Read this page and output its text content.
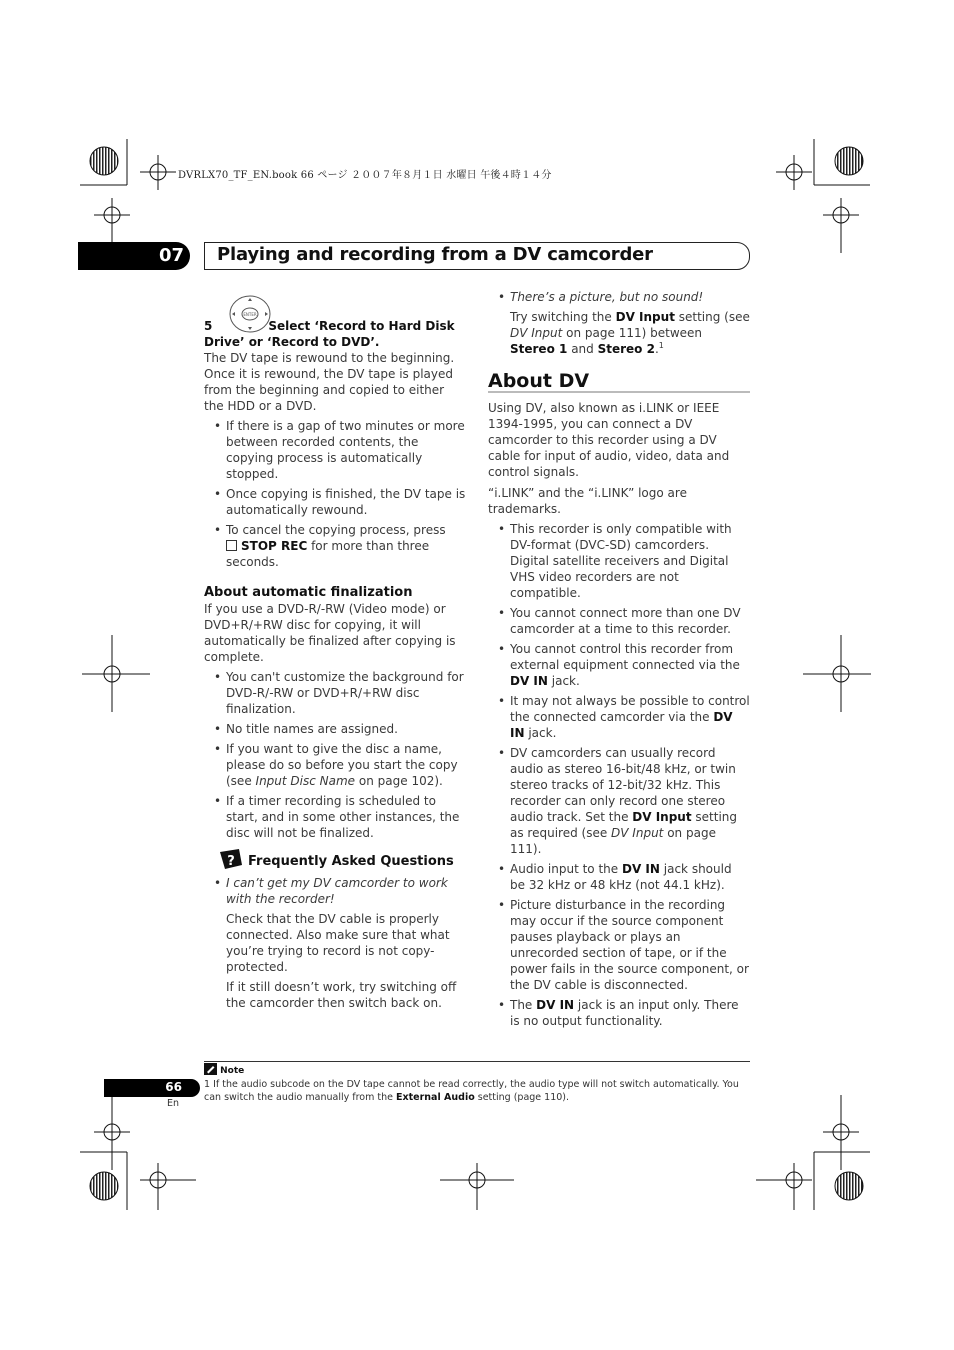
DVRLX70_TF_EN.book 66 ページ ２００７年８月１日 水曜日 午後４時１４分
07 Playing and recording from a DV camcorder
ENTER

5	Select ‘Record to Hard Disk
Drive’ or ‘Record to DVD’.

The DV tape is rewound to the beginning. Once it is rewound, the DV tape is played from the beginning and copied to either the HDD or a DVD.

• If there is a gap of two minutes or more between recorded contents, the copying process is automatically stopped.

• Once copying is finished, the DV tape is automatically rewound.

• To cancel the copying process, press
STOP REC for more than three seconds.

About automatic finalization

If you use a DVD-R/-RW (Video mode) or DVD+R/+RW disc for copying, it will automatically be finalized after copying is complete.

• You can't customize the background for DVD-R/-RW or DVD+R/+RW disc finalization.

• No title names are assigned.

• If you want to give the disc a name, please do so before you start the copy (see Input Disc Name on page 102).

• If a timer recording is scheduled to start, and in some other instances, the disc will not be finalized.

? Frequently Asked Questions

• I can’t get my DV camcorder to work with the recorder!

Check that the DV cable is properly connected. Also make sure that what you’re trying to record is not copy-protected.

If it still doesn’t work, try switching off the camcorder then switch back on.

• There’s a picture, but no sound!

Try switching the DV Input setting (see DV Input on page 111) between Stereo 1 and Stereo 2.$^1$

About DV

Using DV, also known as i.LINK or IEEE 1394-1995, you can connect a DV camcorder to this recorder using a DV cable for input of audio, video, data and control signals.

“i.LINK” and the “i.LINK” logo are trademarks.

• This recorder is only compatible with DV-format (DVC-SD) camcorders. Digital satellite receivers and Digital VHS video recorders are not compatible.

• You cannot connect more than one DV camcorder at a time to this recorder.

• You cannot control this recorder from external equipment connected via the DV IN jack.

• It may not always be possible to control the connected camcorder via the DV IN jack.

• DV camcorders can usually record audio as stereo 16-bit/48 kHz, or twin stereo tracks of 12-bit/32 kHz. This recorder can only record one stereo audio track. Set the DV Input setting as required (see DV Input on page 111).

• Audio input to the DV IN jack should be 32 kHz or 48 kHz (not 44.1 kHz).

• Picture disturbance in the recording may occur if the source component pauses playback or plays an unrecorded section of tape, or if the power fails in the source component, or the DV cable is disconnected.

• The DV IN jack is an input only. There is no output functionality.

Note
1 If the audio subcode on the DV tape cannot be read correctly, the audio type will not switch automatically. You can switch the audio manually from the External Audio setting (page 110).
66
En
